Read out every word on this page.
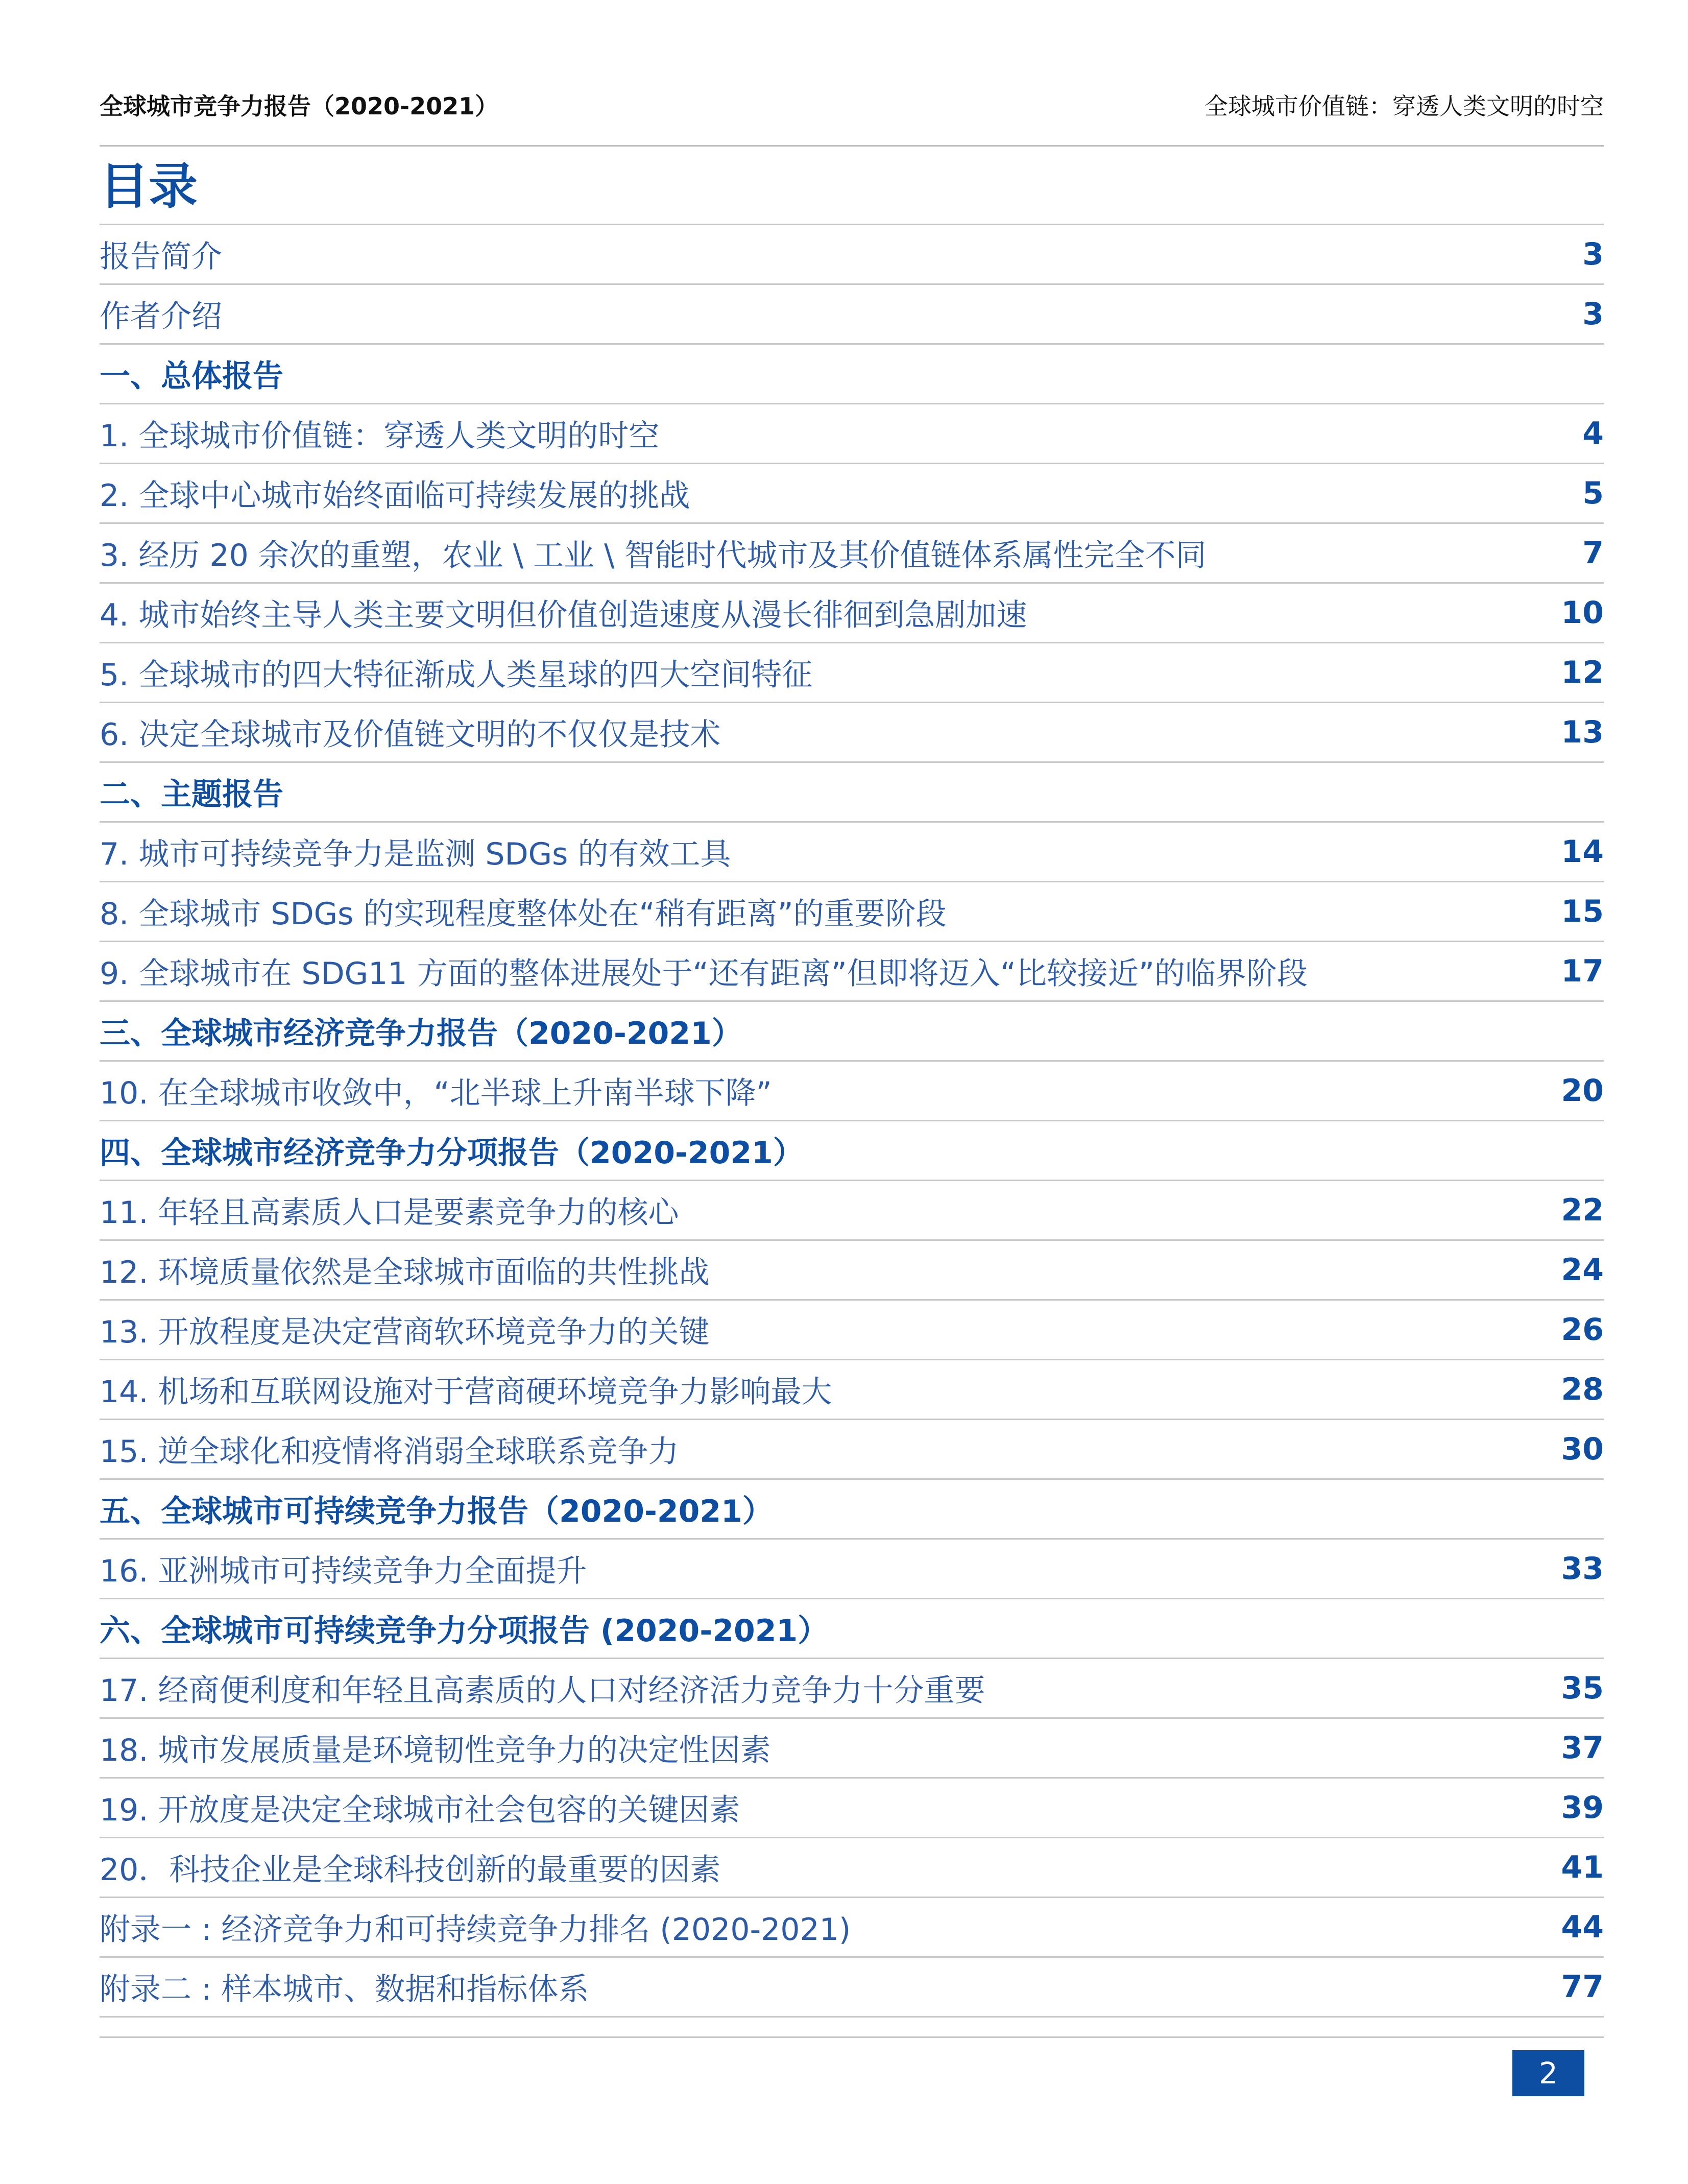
全球城市竞争力报告（2020-2021）	全球城市价值链：穿透人类文明的时空
目录
报告简介	3
作者介绍	3
一、总体报告
1. 全球城市价值链：穿透人类文明的时空	4
2. 全球中心城市始终面临可持续发展的挑战	5
3. 经历 20 余次的重塑，农业 \ 工业 \ 智能时代城市及其价值链体系属性完全不同	7
4. 城市始终主导人类主要文明但价值创造速度从漫长徘徊到急剧加速	10
5. 全球城市的四大特征渐成人类星球的四大空间特征	12
6. 决定全球城市及价值链文明的不仅仅是技术	13
二、主题报告
7. 城市可持续竞争力是监测 SDGs 的有效工具	14
8. 全球城市 SDGs 的实现程度整体处在“稍有距离”的重要阶段	15
9. 全球城市在 SDG11 方面的整体进展处于“还有距离”但即将迈入“比较接近”的临界阶段	17
三、全球城市经济竞争力报告（2020-2021）
10. 在全球城市收敛中，“北半球上升南半球下降”	20
四、全球城市经济竞争力分项报告（2020-2021）
11. 年轻且高素质人口是要素竞争力的核心	22
12. 环境质量依然是全球城市面临的共性挑战	24
13. 开放程度是决定营商软环境竞争力的关键	26
14. 机场和互联网设施对于营商硬环境竞争力影响最大	28
15. 逆全球化和疫情将消弱全球联系竞争力	30
五、全球城市可持续竞争力报告（2020-2021）
16. 亚洲城市可持续竞争力全面提升	33
六、全球城市可持续竞争力分项报告 (2020-2021）
17. 经商便利度和年轻且高素质的人口对经济活力竞争力十分重要	35
18. 城市发展质量是环境韧性竞争力的决定性因素	37
19. 开放度是决定全球城市社会包容的关键因素	39
20．科技企业是全球科技创新的最重要的因素	41
附录一 : 经济竞争力和可持续竞争力排名 (2020-2021)	44
附录二 : 样本城市、数据和指标体系	77
2
